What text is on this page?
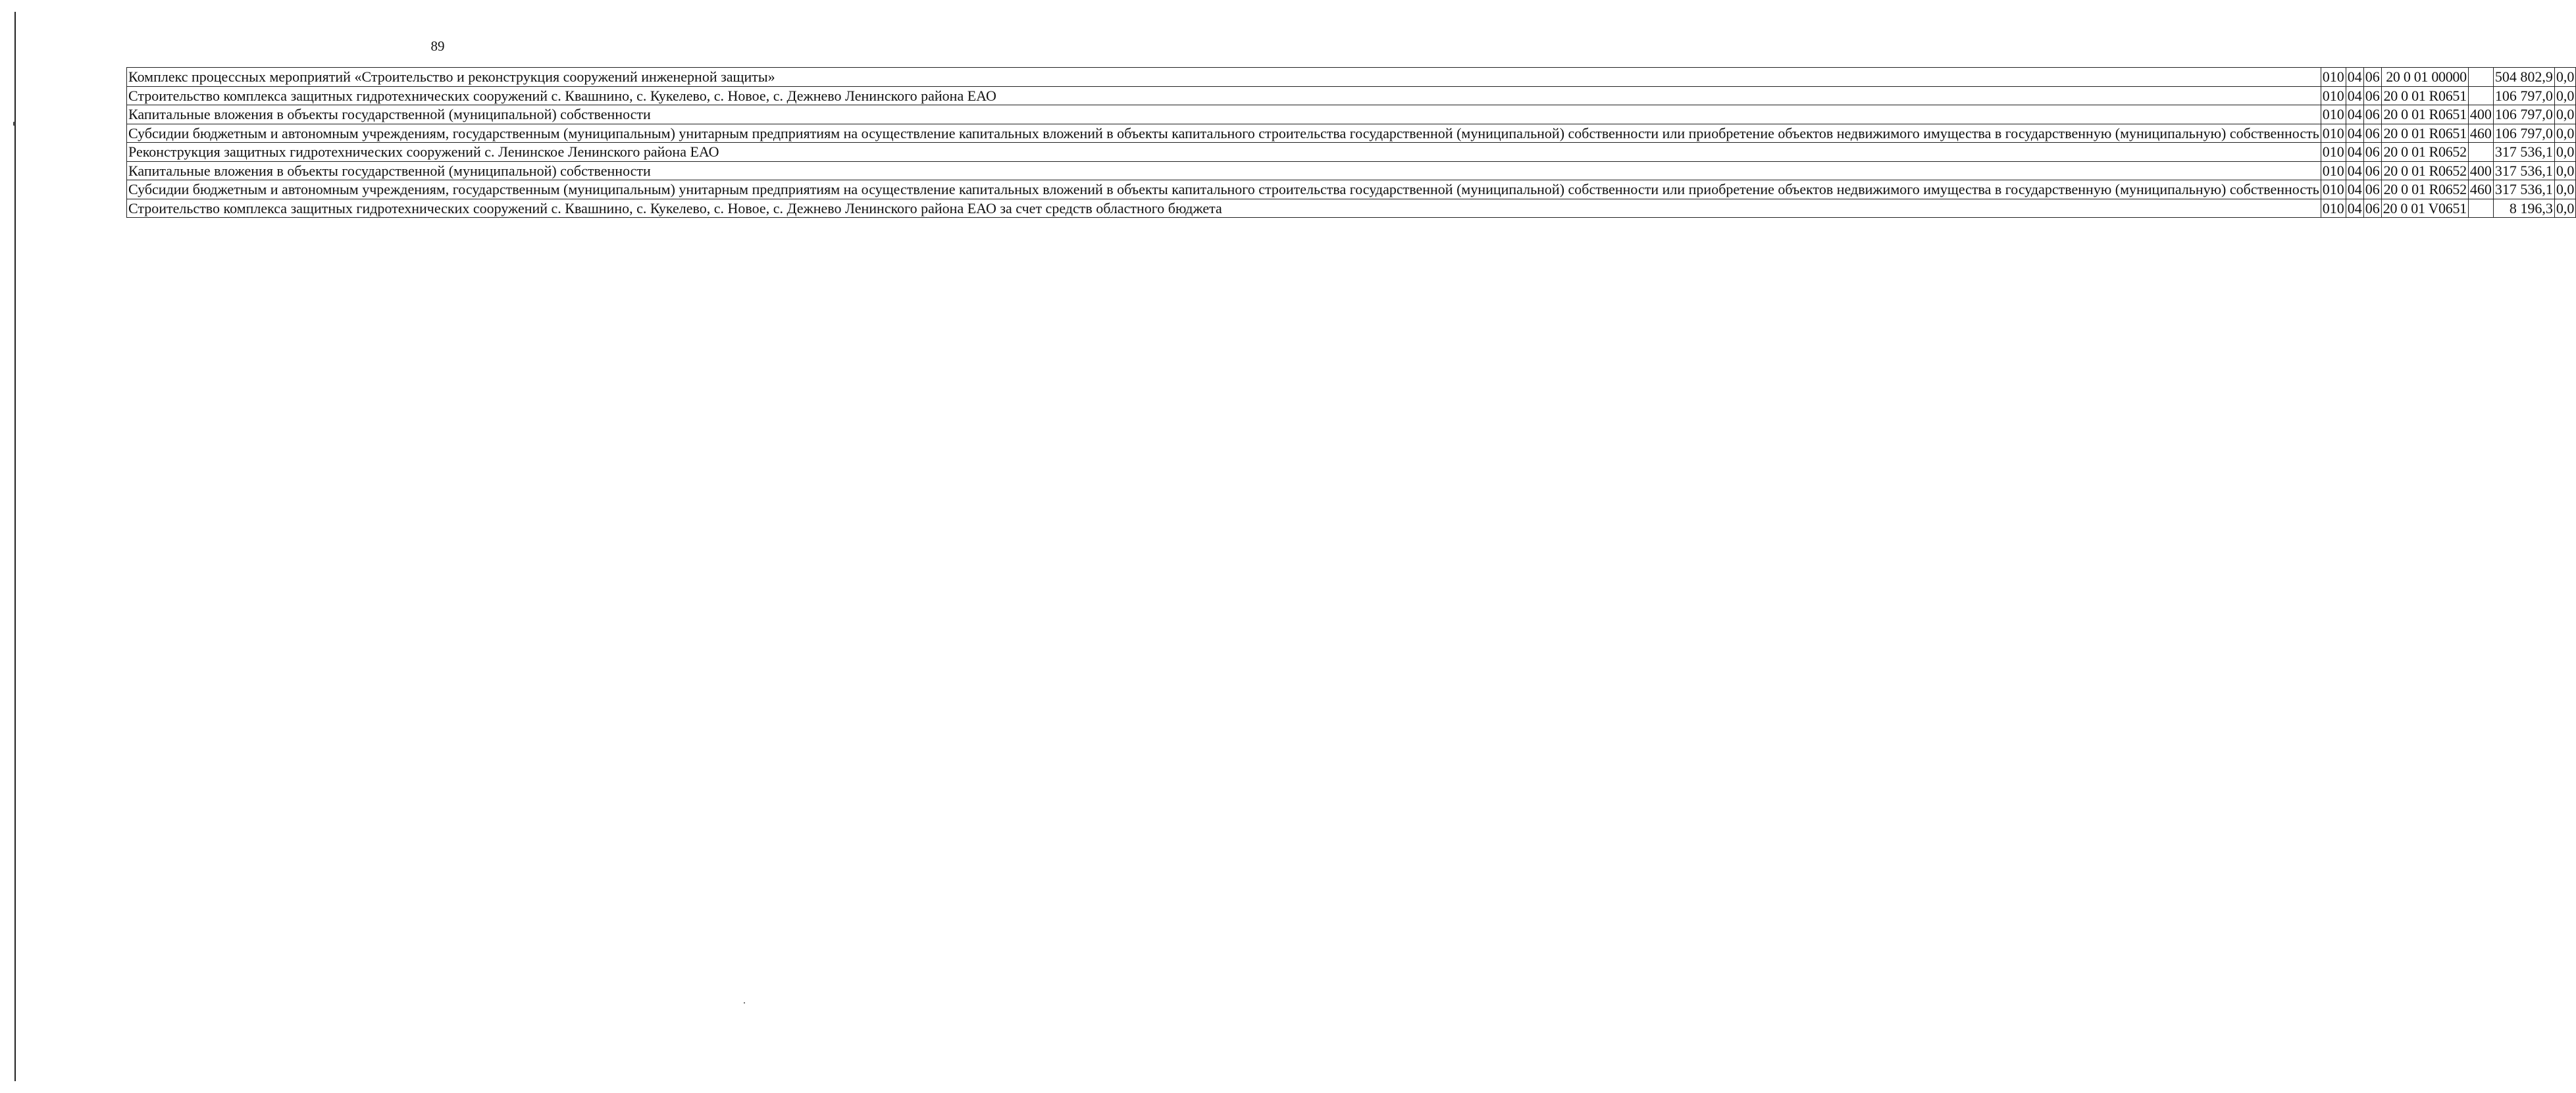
89
Комплекс процессных мероприятий «Строительство и реконструкция сооружений инженерной защиты»	010	04	06	20 0 01 00000		504 802,9	0,0
Строительство комплекса защитных гидротехнических сооружений с. Квашнино, с. Кукелево, с. Новое, с. Дежнево Ленинского района ЕАО	010	04	06	20 0 01 R0651		106 797,0	0,0
Капитальные вложения в объекты государственной (муниципальной) собственности	010	04	06	20 0 01 R0651	400	106 797,0	0,0
Субсидии бюджетным и автономным учреждениям, государственным (муниципальным) унитарным предприятиям на осуществление капитальных вложений в объекты капитального строительства государственной (муниципальной) собственности или приобретение объектов недвижимого имущества в государственную (муниципальную) собственность	010	04	06	20 0 01 R0651	460	106 797,0	0,0
Реконструкция защитных гидротехнических сооружений с. Ленинское Ленинского района ЕАО	010	04	06	20 0 01 R0652		317 536,1	0,0
Капитальные вложения в объекты государственной (муниципальной) собственности	010	04	06	20 0 01 R0652	400	317 536,1	0,0
Субсидии бюджетным и автономным учреждениям, государственным (муниципальным) унитарным предприятиям на осуществление капитальных вложений в объекты капитального строительства государственной (муниципальной) собственности или приобретение объектов недвижимого имущества в государственную (муниципальную) собственность	010	04	06	20 0 01 R0652	460	317 536,1	0,0
Строительство комплекса защитных гидротехнических сооружений с. Квашнино, с. Кукелево, с. Новое, с. Дежнево Ленинского района ЕАО за счет средств областного бюджета	010	04	06	20 0 01 V0651		8 196,3	0,0
